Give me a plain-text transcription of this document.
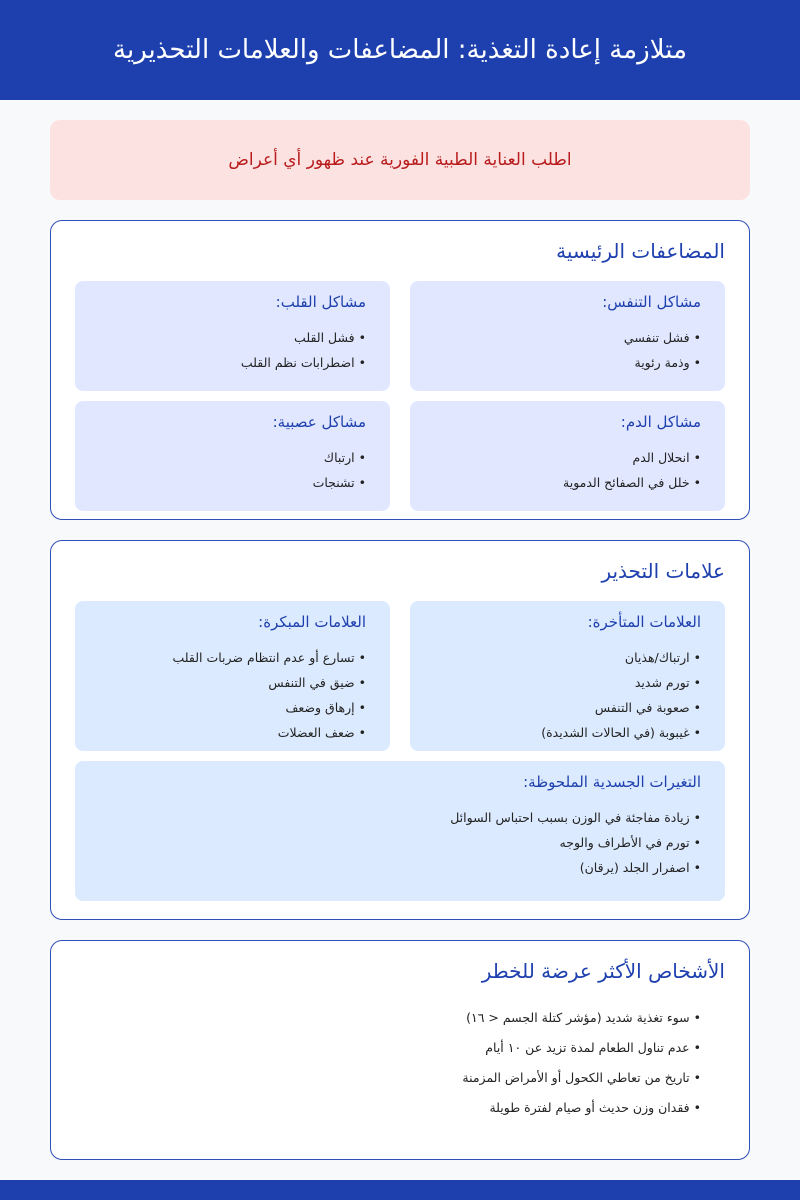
متلازمة إعادة التغذية: المضاعفات والعلامات التحذيرية
اطلب العناية الطبية الفورية عند ظهور أي أعراض
المضاعفات الرئيسية
مشاكل التنفس:
• فشل تنفسي
• وذمة رئوية
مشاكل القلب:
• فشل القلب
• اضطرابات نظم القلب
مشاكل الدم:
• انحلال الدم
• خلل في الصفائح الدموية
مشاكل عصبية:
• ارتباك
• تشنجات
علامات التحذير
العلامات المتأخرة:
• ارتباك/هذيان
• تورم شديد
• صعوبة في التنفس
• غيبوبة (في الحالات الشديدة)
العلامات المبكرة:
• تسارع أو عدم انتظام ضربات القلب
• ضيق في التنفس
• إرهاق وضعف
• ضعف العضلات
التغيرات الجسدية الملحوظة:
• زيادة مفاجئة في الوزن بسبب احتباس السوائل
• تورم في الأطراف والوجه
• اصفرار الجلد (يرقان)
الأشخاص الأكثر عرضة للخطر
• سوء تغذية شديد (مؤشر كتلة الجسم < ١٦)
• عدم تناول الطعام لمدة تزيد عن ١٠ أيام
• تاريخ من تعاطي الكحول أو الأمراض المزمنة
• فقدان وزن حديث أو صيام لفترة طويلة
